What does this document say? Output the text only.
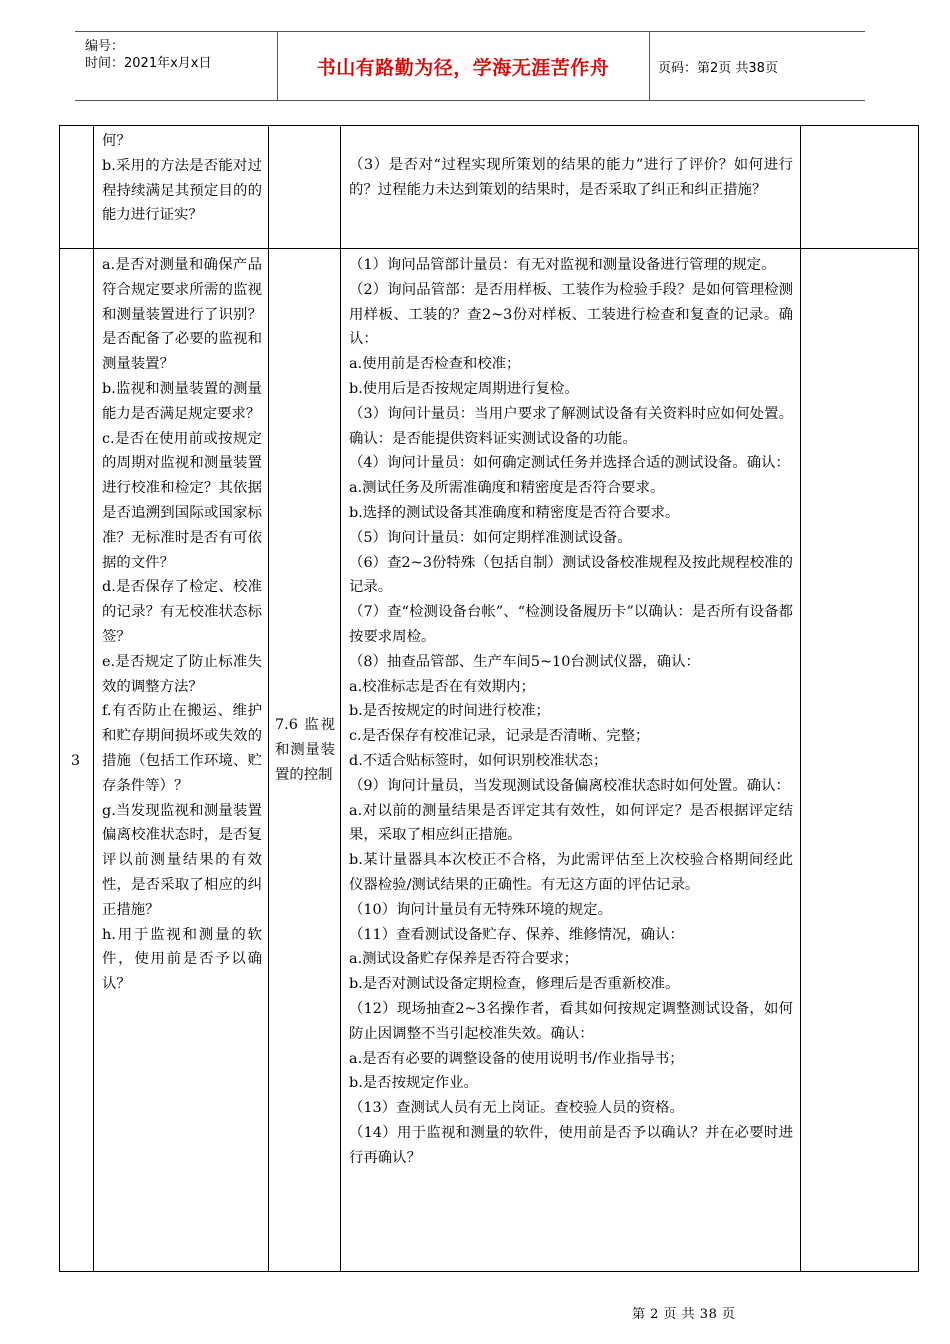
编号：
时间：2021年x月x日	书山有路勤为径，学海无涯苦作舟	页码：第2页 共38页

何？

b.采用的方法是否能对过程持续满足其预定目的的能力进行证实？

（3）是否对“过程实现所策划的结果的能力”进行了评价？如何进行的？过程能力未达到策划的结果时，是否采取了纠正和纠正措施？

3
7.6 监视和测量装置的控制

a.是否对测量和确保产品符合规定要求所需的监视和测量装置进行了识别？是否配备了必要的监视和测量装置？

b.监视和测量装置的测量能力是否满足规定要求？

c.是否在使用前或按规定的周期对监视和测量装置进行校准和检定？其依据是否追溯到国际或国家标准？无标准时是否有可依据的文件？

d.是否保存了检定、校准的记录？有无校准状态标签？

e.是否规定了防止标准失效的调整方法？

f.有否防止在搬运、维护和贮存期间损坏或失效的措施（包括工作环境、贮存条件等）？

g.当发现监视和测量装置偏离校准状态时，是否复评以前测量结果的有效性，是否采取了相应的纠正措施？

h.用于监视和测量的软件，使用前是否予以确认？

（1）询问品管部计量员：有无对监视和测量设备进行管理的规定。

（2）询问品管部：是否用样板、工装作为检验手段？是如何管理检测用样板、工装的？查2~3份对样板、工装进行检查和复查的记录。确认：

a.使用前是否检查和校准；

b.使用后是否按规定周期进行复检。

（3）询问计量员：当用户要求了解测试设备有关资料时应如何处置。确认：是否能提供资料证实测试设备的功能。

（4）询问计量员：如何确定测试任务并选择合适的测试设备。确认：

a.测试任务及所需准确度和精密度是否符合要求。

b.选择的测试设备其准确度和精密度是否符合要求。

（5）询问计量员：如何定期样准测试设备。

（6）查2~3份特殊（包括自制）测试设备校准规程及按此规程校准的记录。

（7）查“检测设备台帐”、“检测设备履历卡”以确认：是否所有设备都按要求周检。

（8）抽查品管部、生产车间5~10台测试仪器，确认：

a.校准标志是否在有效期内；

b.是否按规定的时间进行校准；

c.是否保存有校准记录，记录是否清晰、完整；

d.不适合贴标签时，如何识别校准状态；

（9）询问计量员，当发现测试设备偏离校准状态时如何处置。确认：

a.对以前的测量结果是否评定其有效性，如何评定？是否根据评定结果，采取了相应纠正措施。

b.某计量器具本次校正不合格，为此需评估至上次校验合格期间经此仪器检验/测试结果的正确性。有无这方面的评估记录。

（10）询问计量员有无特殊环境的规定。

（11）查看测试设备贮存、保养、维修情况，确认：

a.测试设备贮存保养是否符合要求；

b.是否对测试设备定期检查，修理后是否重新校准。

（12）现场抽查2~3名操作者，看其如何按规定调整测试设备，如何防止因调整不当引起校准失效。确认：

a.是否有必要的调整设备的使用说明书/作业指导书；

b.是否按规定作业。

（13）查测试人员有无上岗证。查校验人员的资格。

（14）用于监视和测量的软件，使用前是否予以确认？并在必要时进行再确认？

第 2 页 共 38 页
